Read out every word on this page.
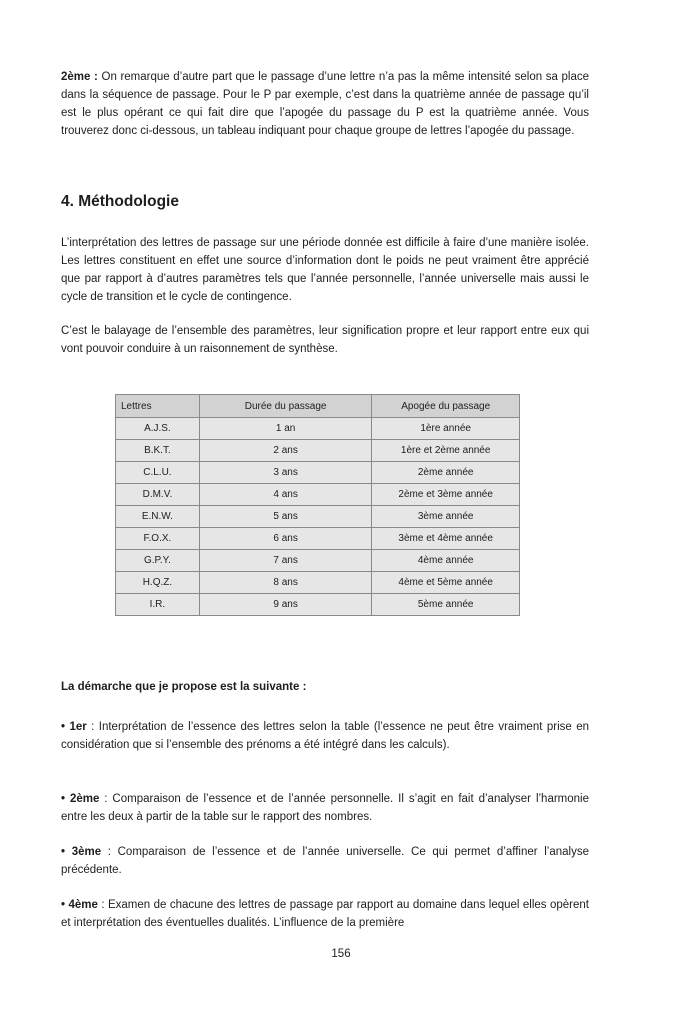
2ème : On remarque d’autre part que le passage d’une lettre n’a pas la même intensité selon sa place dans la séquence de passage. Pour le P par exemple, c’est dans la quatrième année de passage qu’il est le plus opérant ce qui fait dire que l’apogée du passage du P est la quatrième année. Vous trouverez donc ci-dessous, un tableau indiquant pour chaque groupe de lettres l’apogée du passage.

4. Méthodologie

L’interprétation des lettres de passage sur une période donnée est difficile à faire d’une manière isolée. Les lettres constituent en effet une source d’information dont le poids ne peut vraiment être apprécié que par rapport à d’autres paramètres tels que l’année personnelle, l’année universelle mais aussi le cycle de transition et le cycle de contingence.

C’est le balayage de l’ensemble des paramètres, leur signification propre et leur rapport entre eux qui vont pouvoir conduire à un raisonnement de synthèse.

Lettres	Durée du passage	Apogée du passage
A.J.S.	1 an	1ère année
B.K.T.	2 ans	1ère et 2ème année
C.L.U.	3 ans	2ème année
D.M.V.	4 ans	2ème et 3ème année
E.N.W.	5 ans	3ème année
F.O.X.	6 ans	3ème et 4ème année
G.P.Y.	7 ans	4ème année
H.Q.Z.	8 ans	4ème et 5ème année
I.R.	9 ans	5ème année
La démarche que je propose est la suivante :

• 1er : Interprétation de l’essence des lettres selon la table (l’essence ne peut être vraiment prise en considération que si l’ensemble des prénoms a été intégré dans les calculs).

• 2ème : Comparaison de l’essence et de l’année personnelle. Il s’agit en fait d’analyser l’harmonie entre les deux à partir de la table sur le rapport des nombres.

• 3ème : Comparaison de l’essence et de l’année universelle. Ce qui permet d’affiner l’analyse précédente.

• 4ème : Examen de chacune des lettres de passage par rapport au domaine dans lequel elles opèrent et interprétation des éventuelles dualités. L’influence de la première

156
